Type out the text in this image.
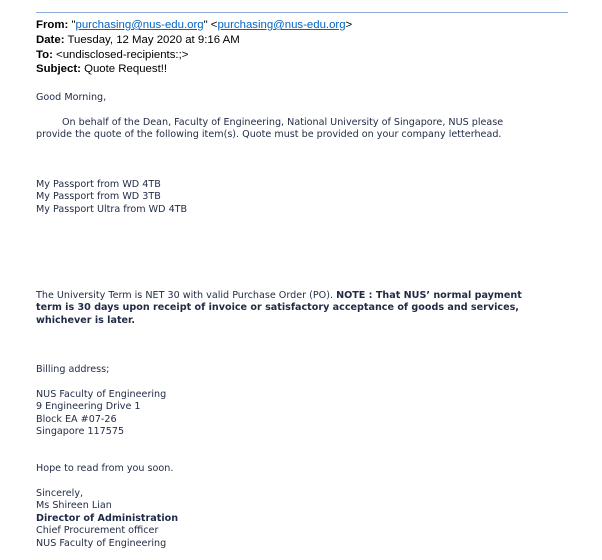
From: "purchasing@nus-edu.org" <purchasing@nus-edu.org>
Date: Tuesday, 12 May 2020 at 9:16 AM
To: <undisclosed-recipients:;>
Subject: Quote Request!!
Good Morning,
On behalf of the Dean, Faculty of Engineering, National University of Singapore, NUS please
provide the quote of the following item(s). Quote must be provided on your company letterhead.
My Passport from WD 4TB
My Passport from WD 3TB
My Passport Ultra from WD 4TB
The University Term is NET 30 with valid Purchase Order (PO). NOTE : That NUS’ normal payment
term is 30 days upon receipt of invoice or satisfactory acceptance of goods and services,
whichever is later.
Billing address;
NUS Faculty of Engineering
9 Engineering Drive 1
Block EA #07-26
Singapore 117575
Hope to read from you soon.
Sincerely,
Ms Shireen Lian
Director of Administration
Chief Procurement officer
NUS Faculty of Engineering
